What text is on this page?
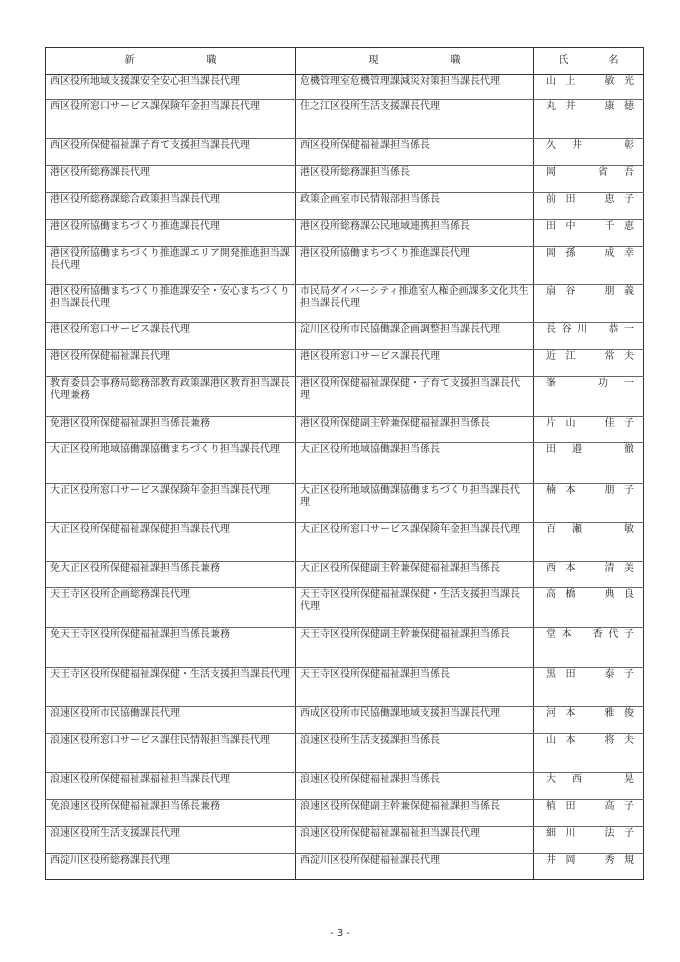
新 職	現 職	氏 名
西区役所地域支援課安全安心担当課長代理	危機管理室危機管理課減災対策担当課長代理	山上　敏光
西区役所窓口サービス課保険年金担当課長代理	住之江区役所生活支援課長代理	丸井　康徳
西区役所保健福祉課子育て支援担当課長代理	西区役所保健福祉課担当係長	久井　彰
港区役所総務課長代理	港区役所総務課担当係長	岡　省吾
港区役所総務課総合政策担当課長代理	政策企画室市民情報部担当係長	前田　恵子
港区役所協働まちづくり推進課長代理	港区役所総務課公民地域連携担当係長	田中　千恵
港区役所協働まちづくり推進課エリア開発推進担当課長代理	港区役所協働まちづくり推進課長代理	岡孫　成幸
港区役所協働まちづくり推進課安全・安心まちづくり担当課長代理	市民局ダイバーシティ推進室人権企画課多文化共生担当課長代理	扇谷　朋義
港区役所窓口サービス課長代理	淀川区役所市民協働課企画調整担当課長代理	長谷川　恭一
港区役所保健福祉課長代理	港区役所窓口サービス課長代理	近江　常夫
教育委員会事務局総務部教育政策課港区教育担当課長代理兼務	港区役所保健福祉課保健・子育て支援担当課長代理	峯　功一
免港区役所保健福祉課担当係長兼務	港区役所保健副主幹兼保健福祉課担当係長	片山　佳子
大正区役所地域協働課協働まちづくり担当課長代理	大正区役所地域協働課担当係長	田邉　徹
大正区役所窓口サービス課保険年金担当課長代理	大正区役所地域協働課協働まちづくり担当課長代理	楠本　朋子
大正区役所保健福祉課保健担当課長代理	大正区役所窓口サービス課保険年金担当課長代理	百瀬　敏
免大正区役所保健福祉課担当係長兼務	大正区役所保健副主幹兼保健福祉課担当係長	西本　清美
天王寺区役所企画総務課長代理	天王寺区役所保健福祉課保健・生活支援担当課長代理	高橋　典良
免天王寺区役所保健福祉課担当係長兼務	天王寺区役所保健副主幹兼保健福祉課担当係長	堂本　香代子
天王寺区役所保健福祉課保健・生活支援担当課長代理	天王寺区役所保健福祉課担当係長	黒田　泰子
浪速区役所市民協働課長代理	西成区役所市民協働課地域支援担当課長代理	河本　雅俊
浪速区役所窓口サービス課住民情報担当課長代理	浪速区役所生活支援課担当係長	山本　将夫
浪速区役所保健福祉課福祉担当課長代理	浪速区役所保健福祉課担当係長	大西　晃
免浪速区役所保健福祉課担当係長兼務	浪速区役所保健副主幹兼保健福祉課担当係長	植田　高子
浪速区役所生活支援課長代理	浪速区役所保健福祉課福祉担当課長代理	細川　法子
西淀川区役所総務課長代理	西淀川区役所保健福祉課長代理	井岡　秀規
- 3 -
